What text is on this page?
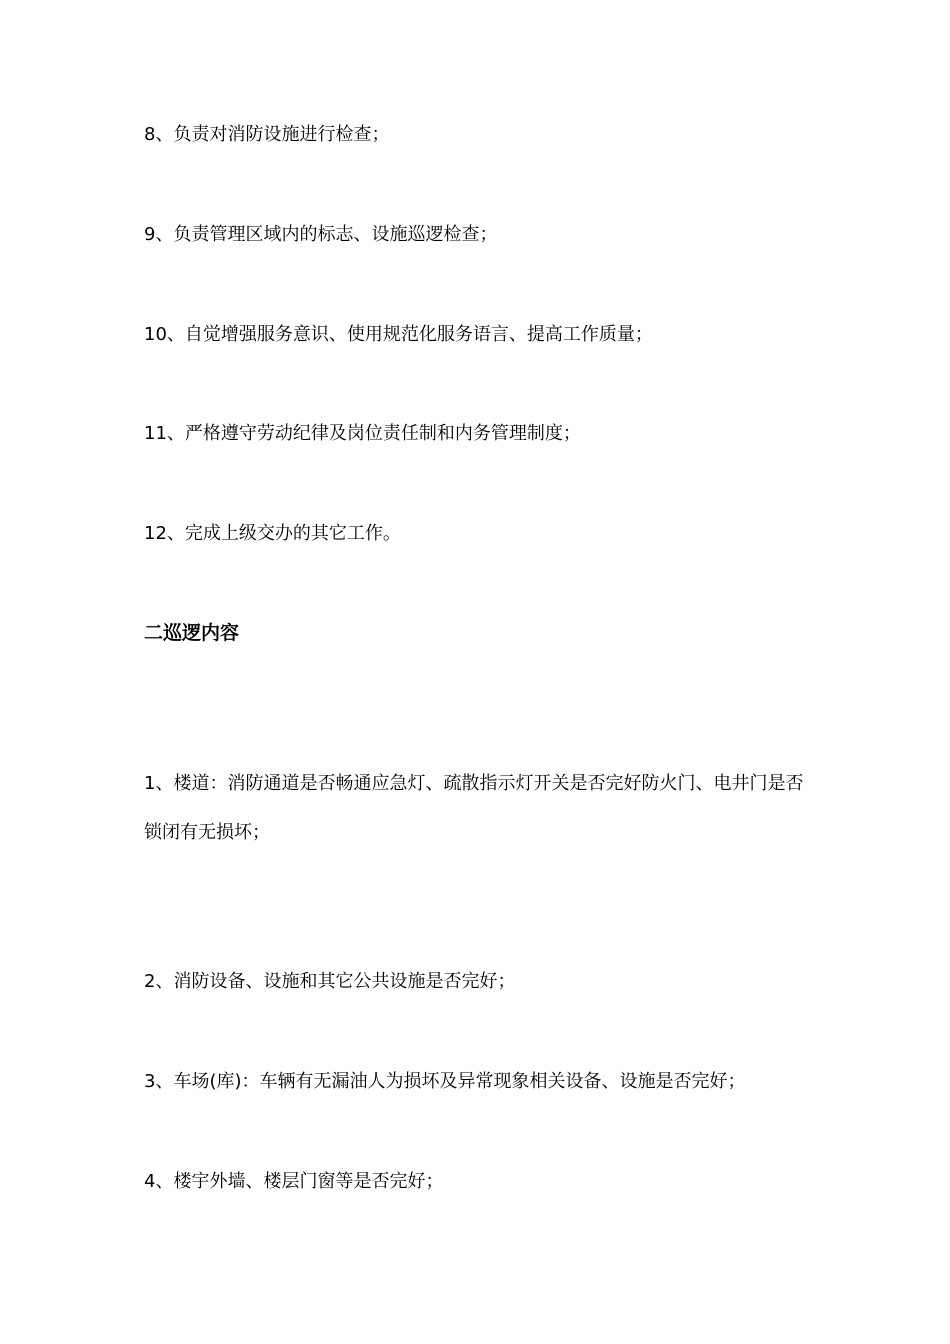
8、负责对消防设施进行检查；

9、负责管理区域内的标志、设施巡逻检查；

10、自觉增强服务意识、使用规范化服务语言、提高工作质量；

11、严格遵守劳动纪律及岗位责任制和内务管理制度；

12、完成上级交办的其它工作。

二巡逻内容

1、楼道：消防通道是否畅通应急灯、疏散指示灯开关是否完好防火门、电井门是否锁闭有无损坏；

2、消防设备、设施和其它公共设施是否完好；

3、车场(库)：车辆有无漏油人为损坏及异常现象相关设备、设施是否完好；

4、楼宇外墙、楼层门窗等是否完好；
